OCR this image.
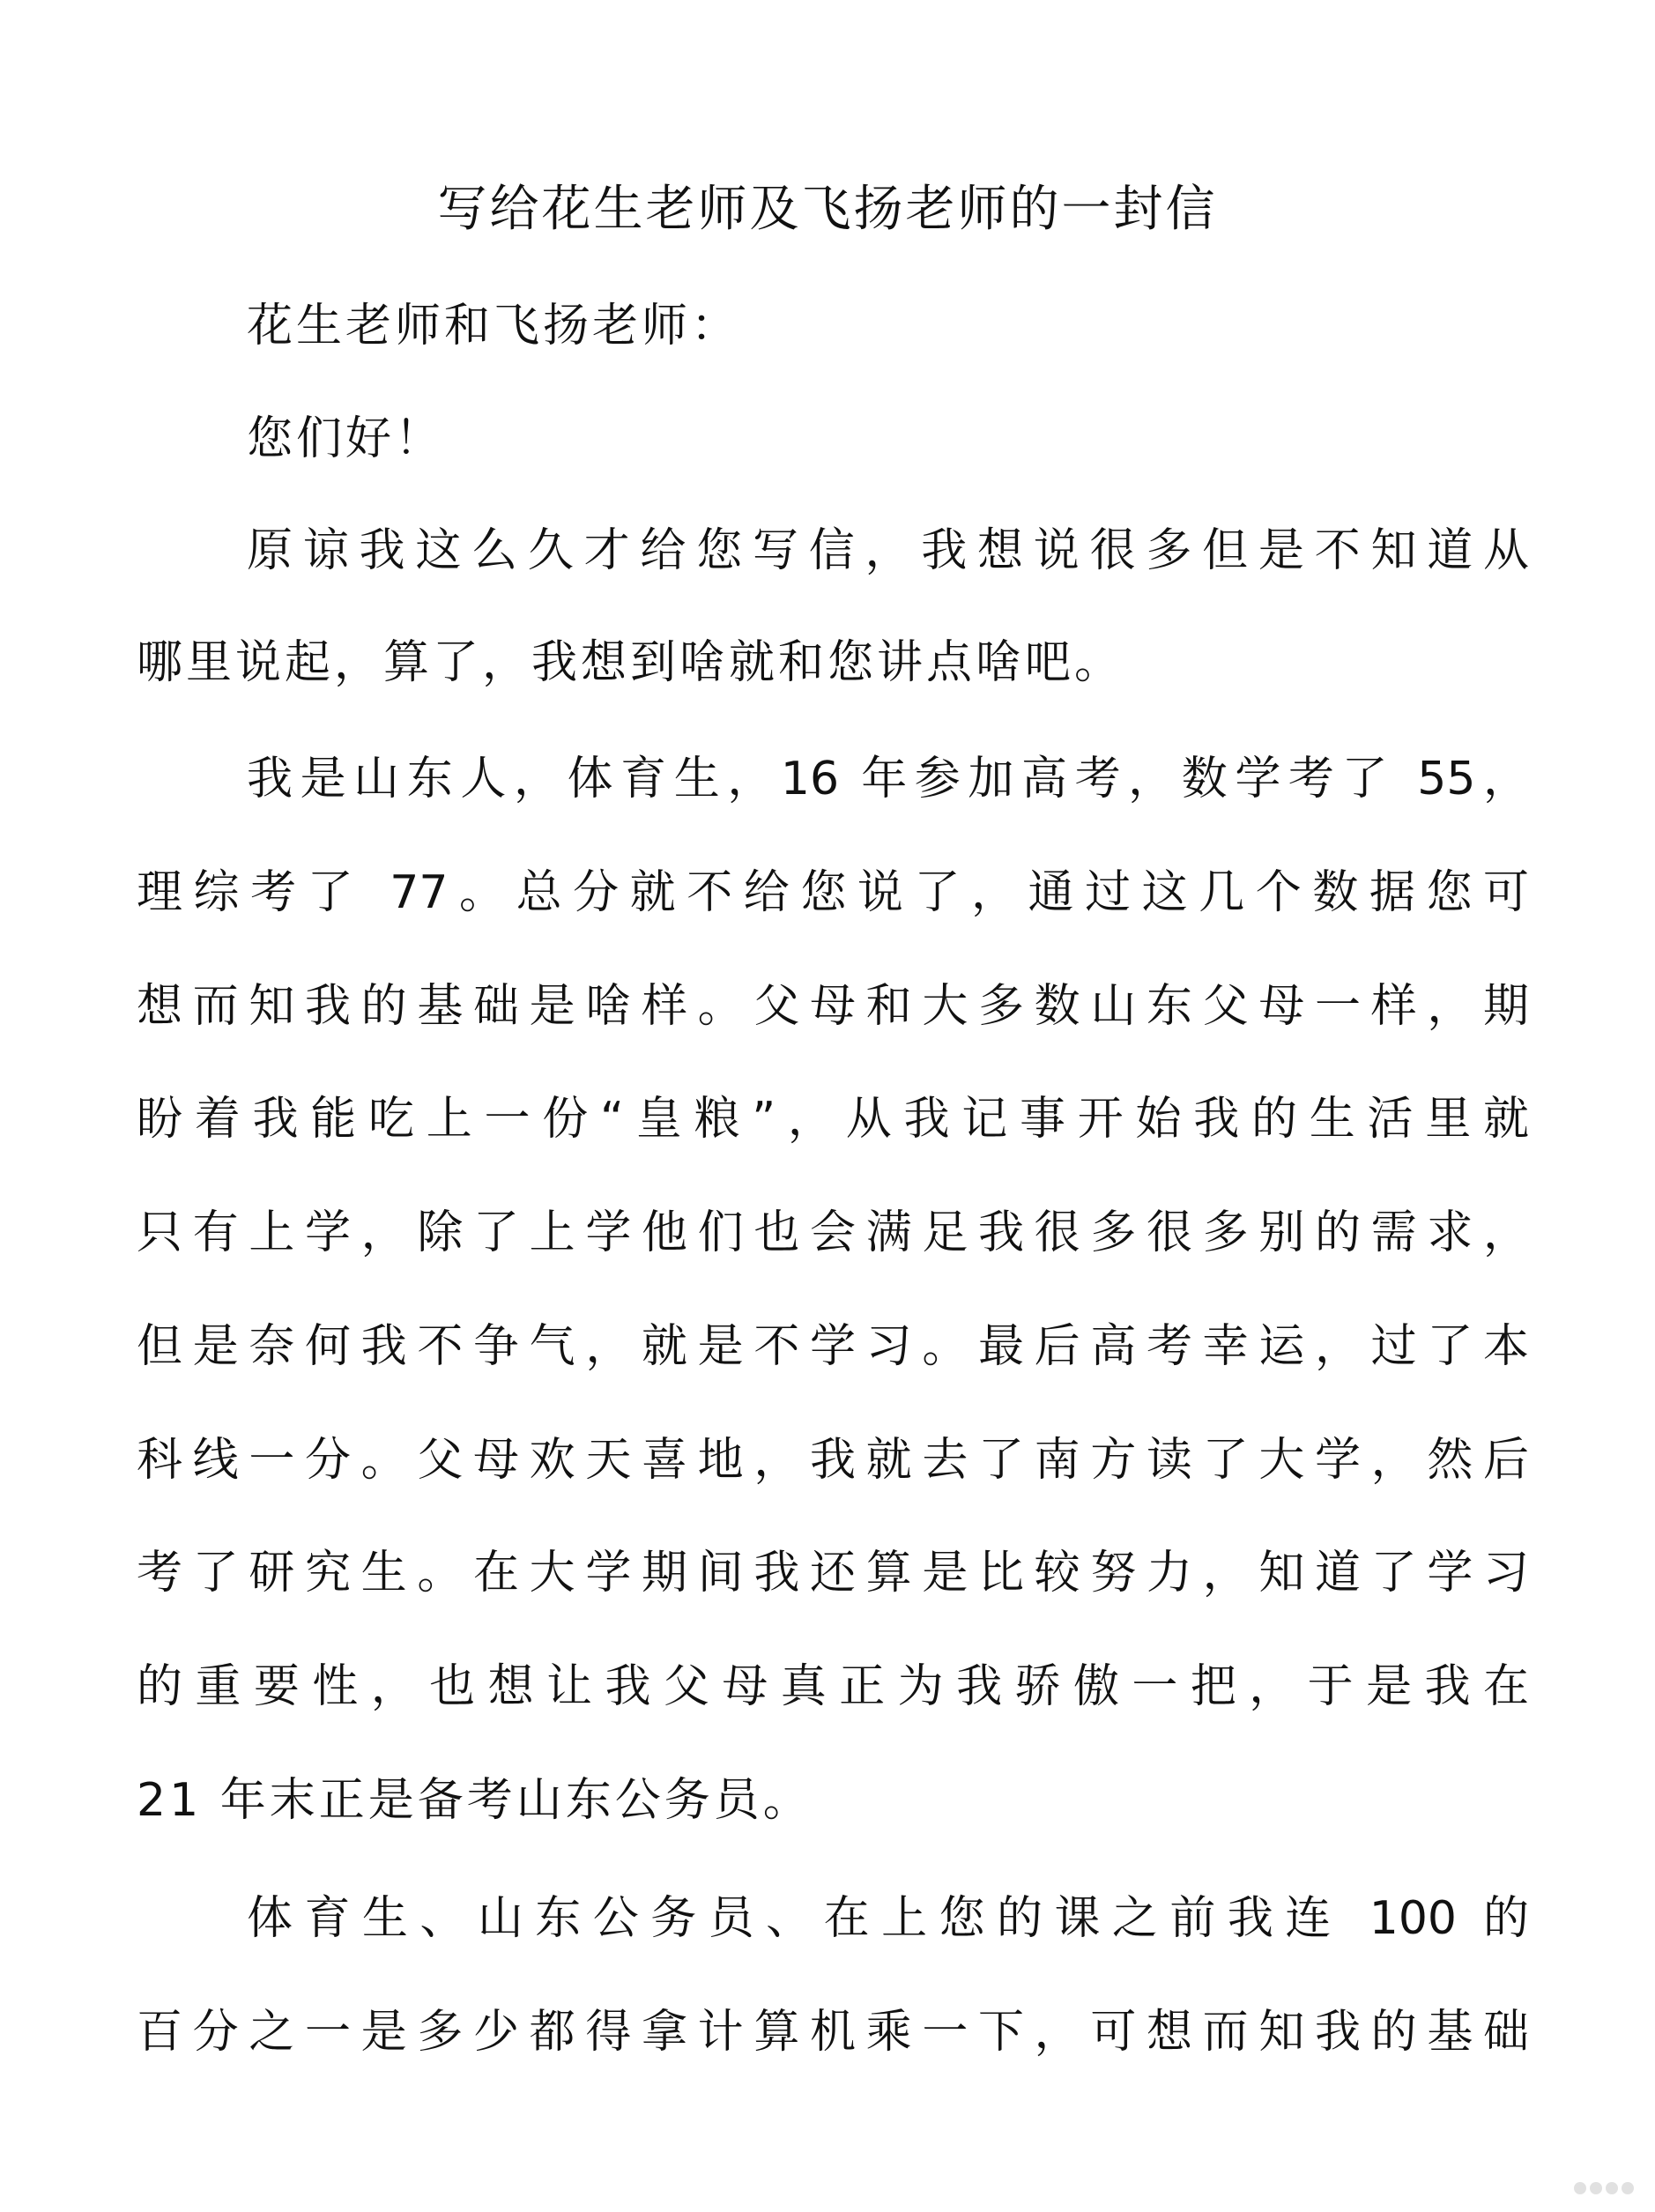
写给花生老师及飞扬老师的一封信
花生老师和飞扬老师：
您们好！
原谅我这么久才给您写信，我想说很多但是不知道从
哪里说起，算了，我想到啥就和您讲点啥吧。
我是山东人，体育生，16 年参加高考，数学考了 55，
理综考了 77。总分就不给您说了，通过这几个数据您可
想而知我的基础是啥样。父母和大多数山东父母一样，期
盼着我能吃上一份“皇粮”，从我记事开始我的生活里就
只有上学，除了上学他们也会满足我很多很多别的需求，
但是奈何我不争气，就是不学习。最后高考幸运，过了本
科线一分。父母欢天喜地，我就去了南方读了大学，然后
考了研究生。在大学期间我还算是比较努力，知道了学习
的重要性，也想让我父母真正为我骄傲一把，于是我在
21 年末正是备考山东公务员。
体育生、山东公务员、在上您的课之前我连 100 的
百分之一是多少都得拿计算机乘一下，可想而知我的基础
